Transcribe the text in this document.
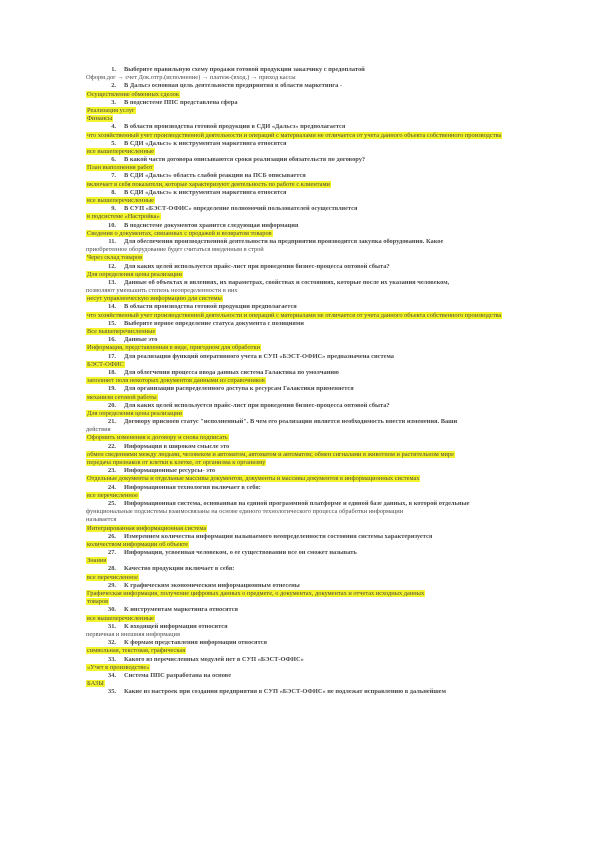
1. Выберите правильную схему продажи готовой продукции заказчику с предоплатой
Оформ.дог → счет Док.отгр.(исполнение) → платеж-(вход.) → приход кассы
2. В Дальсэ основная цель деятельности предприятия в области маркетинга -
Осуществление обменных сделок
3. В подсистеме ППС представлена сфера
Реализация услуг
Финансы
4. В области производства готовой продукции в СДИ «Дальсэ» предполагается
что хозяйственный учет производственной деятельности и операций с материалами не отличается от учета данного объекта собственного производства
5. В СДИ «Дальсэ» к инструментам маркетинга относятся
все вышеперечисленные
6. В какой части договора описываются сроки реализации обязательств по договору?
План выполнения работ
7. В СДИ «Дальсэ» область слабой реакции на ПСБ описывается
включает в себя показатели, которые характеризуют деятельность по работе с клиентами
8. В СДИ «Дальсэ» к инструментам маркетинга относятся
все вышеперечисленные
9. В СУП «БЭСТ-ОФИС» определение полномочий пользователей осуществляется
в подсистеме «Настройка»
10. В подсистеме документов хранится следующая информация
Сведения о документах, связанных с продажей и возвратом товаров
11. Для обеспечения производственной деятельности на предприятии производится закупка оборудования. Какое
приобретенное оборудование будет считаться введенным в строй
Через склад товаров
12. Для каких целей используется прайс-лист при проведении бизнес-процесса оптовой сбыта?
Для определения цены реализации
13. Данные об объектах и явлениях, их параметрах, свойствах и состояниях, которые после их указания человеком,
позволяют уменьшить степень неопределенности в них
несут управленческую информацию для системы
14. В области производства готовой продукции предполагается
что хозяйственный учет производственной деятельности и операций с материалами не отличается от учета данного объекта собственного производства
15. Выберите верное определение статуса документа с позициями
Все вышеперечисленные
16. Данные это
Информация, представленная в виде, пригодном для обработки
17. Для реализации функций оперативного учета в СУП «БЭСТ-ОФИС» предназначена система
БЭСТ-ОФИС
18. Для облегчения процесса ввода данных система Галактика по умолчанию
заполняет поля некоторых документов данными из справочников
19. Для организации распределенного доступа к ресурсам Галактики применяется
механизм сетевой работы
20. Для каких целей используется прайс-лист при проведении бизнес-процесса оптовой сбыта?
Для определения цены реализации
21. Договору присвоен статус "исполненный". В чем его реализация является необходимость внести изменения. Ваши
действия
Оформить изменения к договору и снова подписать
22. Информация в широком смысле это
обмен сведениями между людьми, человеком и автоматом, автоматом и автоматом; обмен сигналами в животном и растительном мире
передача признаков от клетки к клетке, от организма к организму
23. Информационные ресурсы- это
Отдельные документы и отдельные массивы документов, документы и массивы документов в информационных системах
24. Информационная технология включает в себя:
все перечисленное
25. Информационная система, основанная на единой программной платформе и единой базе данных, в которой отдельные
функциональные подсистемы взаимосвязаны на основе единого технологического процесса обработки информации
называется
Интегрированная информационная система
26. Измерением количества информации называемого неопределенности состояния системы характеризуется
количеством информации об объекте
27. Информация, усвоенная человеком, о ее существовании все он сможет называть
Знания
28. Качество продукции включает в себя:
все перечисленное
29. К графическим экономическим информационным отнесены
Графическая информация, получение цифровых данных о предмете, о документах, документах и отчетах исходных данных
товаров
30. К инструментам маркетинга относятся
все вышеперечисленные
31. К входящей информации относится
первичная и внешняя информация
32. К формам представления информации относятся
символьная, текстовая, графическая
33. Какого из перечисленных модулей нет в СУП «БЭСТ-ОФИС»
«Учет в производстве»
34. Система ППС разработана на основе
БАЗЫ
35. Какие из настроек при создании предприятия в СУП «БЭСТ-ОФИС» не подлежат исправлению в дальнейшем
